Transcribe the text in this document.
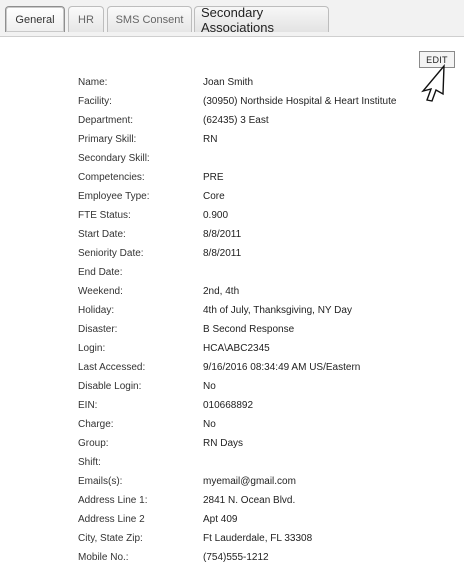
General	HR	SMS Consent	Secondary Associations
EDIT
Name:	Joan Smith
Facility:	(30950) Northside Hospital & Heart Institute
Department:	(62435) 3 East
Primary Skill:	RN
Secondary Skill:
Competencies:	PRE
Employee Type:	Core
FTE Status:	0.900
Start Date:	8/8/2011
Seniority Date:	8/8/2011
End Date:
Weekend:	2nd, 4th
Holiday:	4th of July, Thanksgiving, NY Day
Disaster:	B Second Response
Login:	HCA\ABC2345
Last Accessed:	9/16/2016 08:34:49 AM US/Eastern
Disable Login:	No
EIN:	010668892
Charge:	No
Group:	RN Days
Shift:
Emails(s):	myemail@gmail.com
Address Line 1:	2841 N. Ocean Blvd.
Address Line 2	Apt 409
City, State Zip:	Ft Lauderdale, FL 33308
Mobile No.:	(754)555-1212
